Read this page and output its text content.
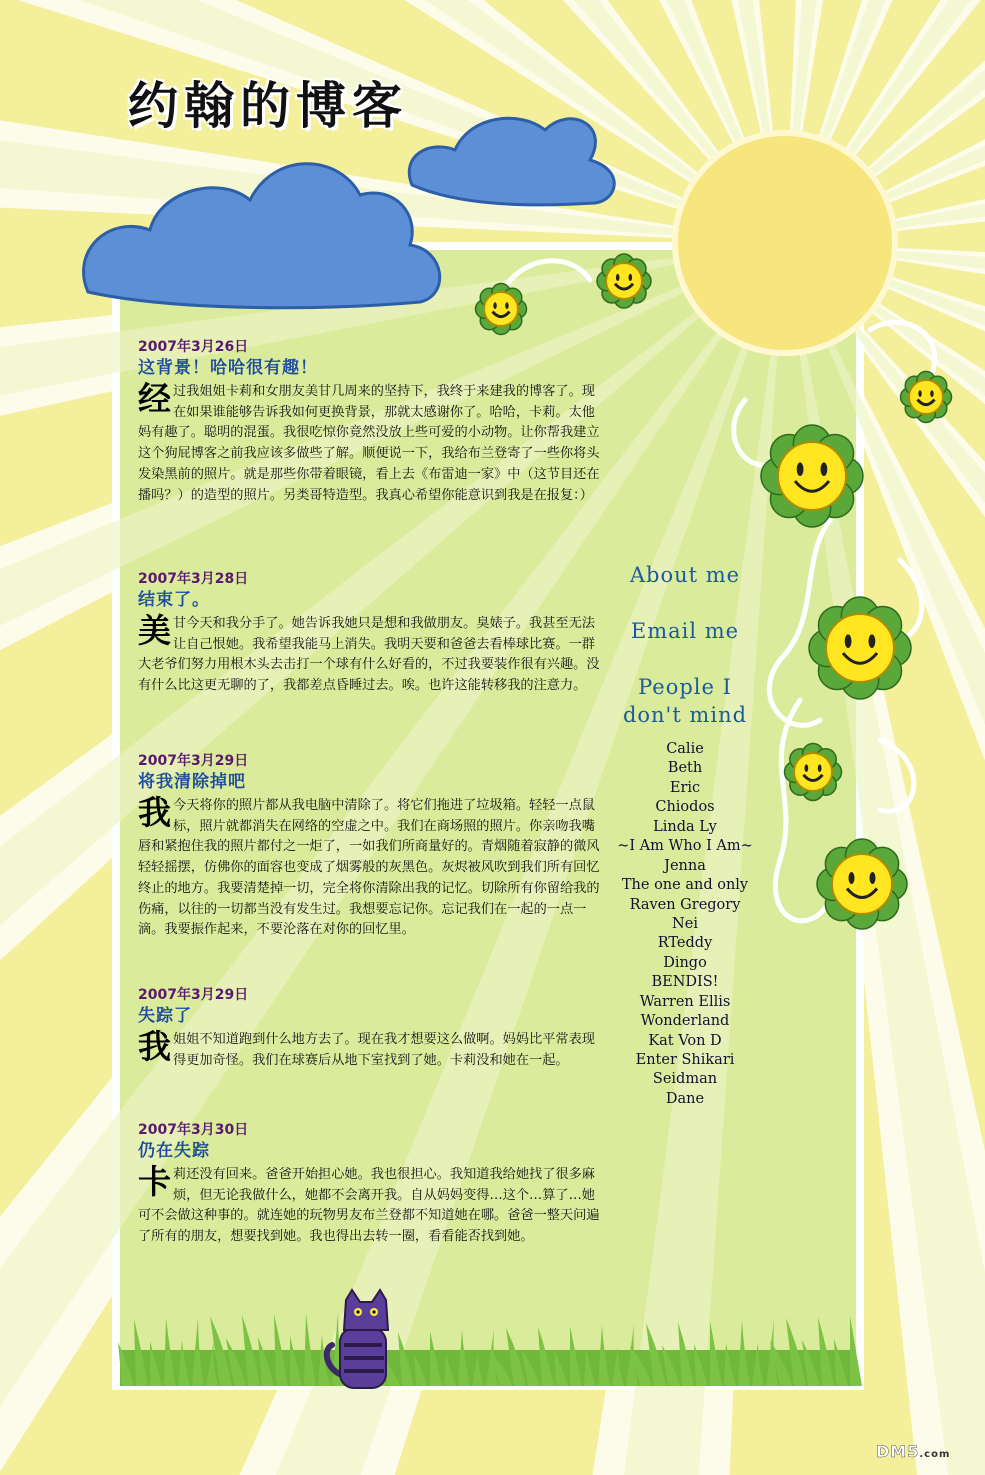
约翰的博客
2007年3月26日
这背景！哈哈很有趣！
经过我姐姐卡莉和女朋友美甘几周来的坚持下，我终于来建我的博客了。现在如果谁能够告诉我如何更换背景，那就太感谢你了。哈哈，卡莉。太他妈有趣了。聪明的混蛋。我很吃惊你竟然没放上些可爱的小动物。让你帮我建立这个狗屁博客之前我应该多做些了解。顺便说一下，我给布兰登寄了一些你将头发染黑前的照片。就是那些你带着眼镜，看上去《布雷迪一家》中（这节目还在播吗？）的造型的照片。另类哥特造型。我真心希望你能意识到我是在报复：）
2007年3月28日
结束了。
美甘今天和我分手了。她告诉我她只是想和我做朋友。臭婊子。我甚至无法让自己恨她。我希望我能马上消失。我明天要和爸爸去看棒球比赛。一群大老爷们努力用根木头去击打一个球有什么好看的，不过我要装作很有兴趣。没有什么比这更无聊的了，我都差点昏睡过去。唉。也许这能转移我的注意力。
2007年3月29日
将我清除掉吧
我今天将你的照片都从我电脑中清除了。将它们拖进了垃圾箱。轻轻一点鼠标，照片就都消失在网络的空虚之中。我们在商场照的照片。你亲吻我嘴唇和紧抱住我的照片都付之一炬了，一如我们所商量好的。青烟随着寂静的微风轻轻摇摆，仿佛你的面容也变成了烟雾般的灰黑色。灰烬被风吹到我们所有回忆终止的地方。我要清楚掉一切，完全将你清除出我的记忆。切除所有你留给我的伤痛，以往的一切都当没有发生过。我想要忘记你。忘记我们在一起的一点一滴。我要振作起来，不要沦落在对你的回忆里。
2007年3月29日
失踪了
我姐姐不知道跑到什么地方去了。现在我才想要这么做啊。妈妈比平常表现得更加奇怪。我们在球赛后从地下室找到了她。卡莉没和她在一起。
2007年3月30日
仍在失踪
卡莉还没有回来。爸爸开始担心她。我也很担心。我知道我给她找了很多麻烦，但无论我做什么，她都不会离开我。自从妈妈变得…这个…算了…她可不会做这种事的。就连她的玩物男友布兰登都不知道她在哪。爸爸一整天问遍了所有的朋友，想要找到她。我也得出去转一圈，看看能否找到她。
About me
Email me
People I
don't mind
Calie
Beth
Eric
Chiodos
Linda Ly
~I Am Who I Am~
Jenna
The one and only
Raven Gregory
Nei
RTeddy
Dingo
BENDIS!
Warren Ellis
Wonderland
Kat Von D
Enter Shikari
Seidman
Dane
DM5.com
